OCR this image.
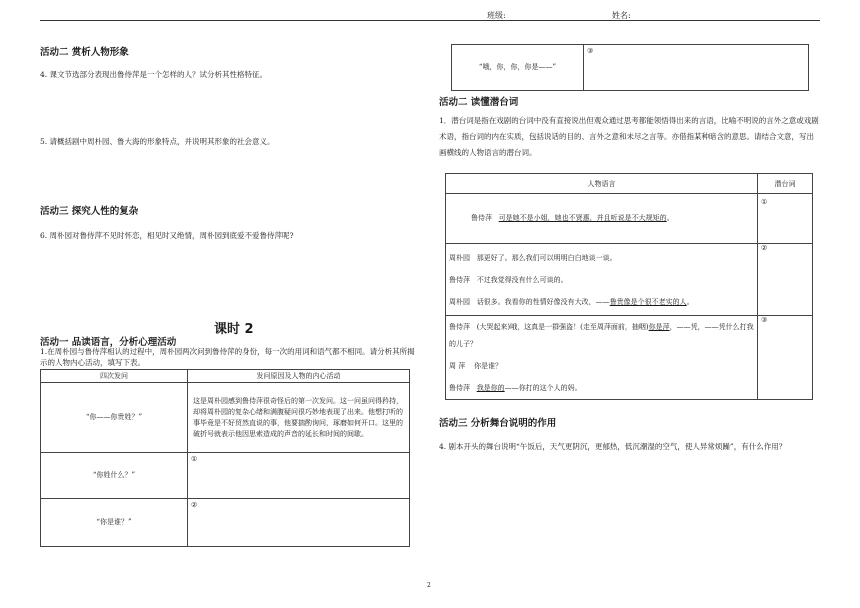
班级:	姓名:
活动二 赏析人物形象
4. 课文节选部分表现出鲁侍萍是一个怎样的人？试分析其性格特征。
5. 请概括剧中周朴园、鲁大海的形象特点，并说明其形象的社会意义。
活动三 探究人性的复杂
6. 周朴园对鲁侍萍不见时怀恋，相见时又绝情，周朴园到底爱不爱鲁侍萍呢?
课时 2
活动一 品读语言，分析心理活动
1.在周朴园与鲁侍萍相认的过程中，周朴园两次问到鲁侍萍的身份，每一次的用词和语气都不相同。请分析其所揭示的人物内心活动，填写下表。
四次发问	发问原因及人物的内心活动
“你——你贵姓？”	这是周朴园感到鲁侍萍很奇怪后的第一次发问。这一问虽问得矜持，却将周朴园的复杂心绪和满腹疑问很巧妙地表现了出来。他想打听的事毕竟是不好贸然直说的事，他要揣酌询问，琢磨如何开口。这里的破折号就表示他因思索造成的声音的延长和时间的间歇。
“你姓什么？”	①
“你是谁？”	②
“哦，你，你，你是——”	③
活动二 读懂潜台词
1．潜台词是指在戏剧的台词中没有直接说出但观众通过思考都能领悟得出来的言语，比喻不明说的言外之意或戏剧术语，指台词的内在实质，包括说话的目的、言外之意和未尽之言等。亦借指某种暗含的意思。请结合文意，写出画横线的人物语言的潜台词。
人物语言	潜台词

鲁侍萍 可是她不是小姐，她也不贤惠，并且听说是不大规矩的。	①

周朴园 那更好了。那么我们可以明明白白地谈一谈。
鲁侍萍 不过我觉得没有什么可谈的。
周朴园 话很多。我看你的性情好像没有大改，——鲁贵像是个很不老实的人。	②

鲁侍萍 (大哭起来)哦，这真是一群强盗！(走至周萍面前，抽咽)你是萍，——凭，——凭什么打我的儿子？
周 萍 你是谁？
鲁侍萍 我是你的——你打的这个人的妈。	③
活动三 分析舞台说明的作用
4. 剧本开头的舞台说明“午饭后，天气更阴沉，更郁热，低沉潮湿的空气，使人异常烦躁”，有什么作用？
2
